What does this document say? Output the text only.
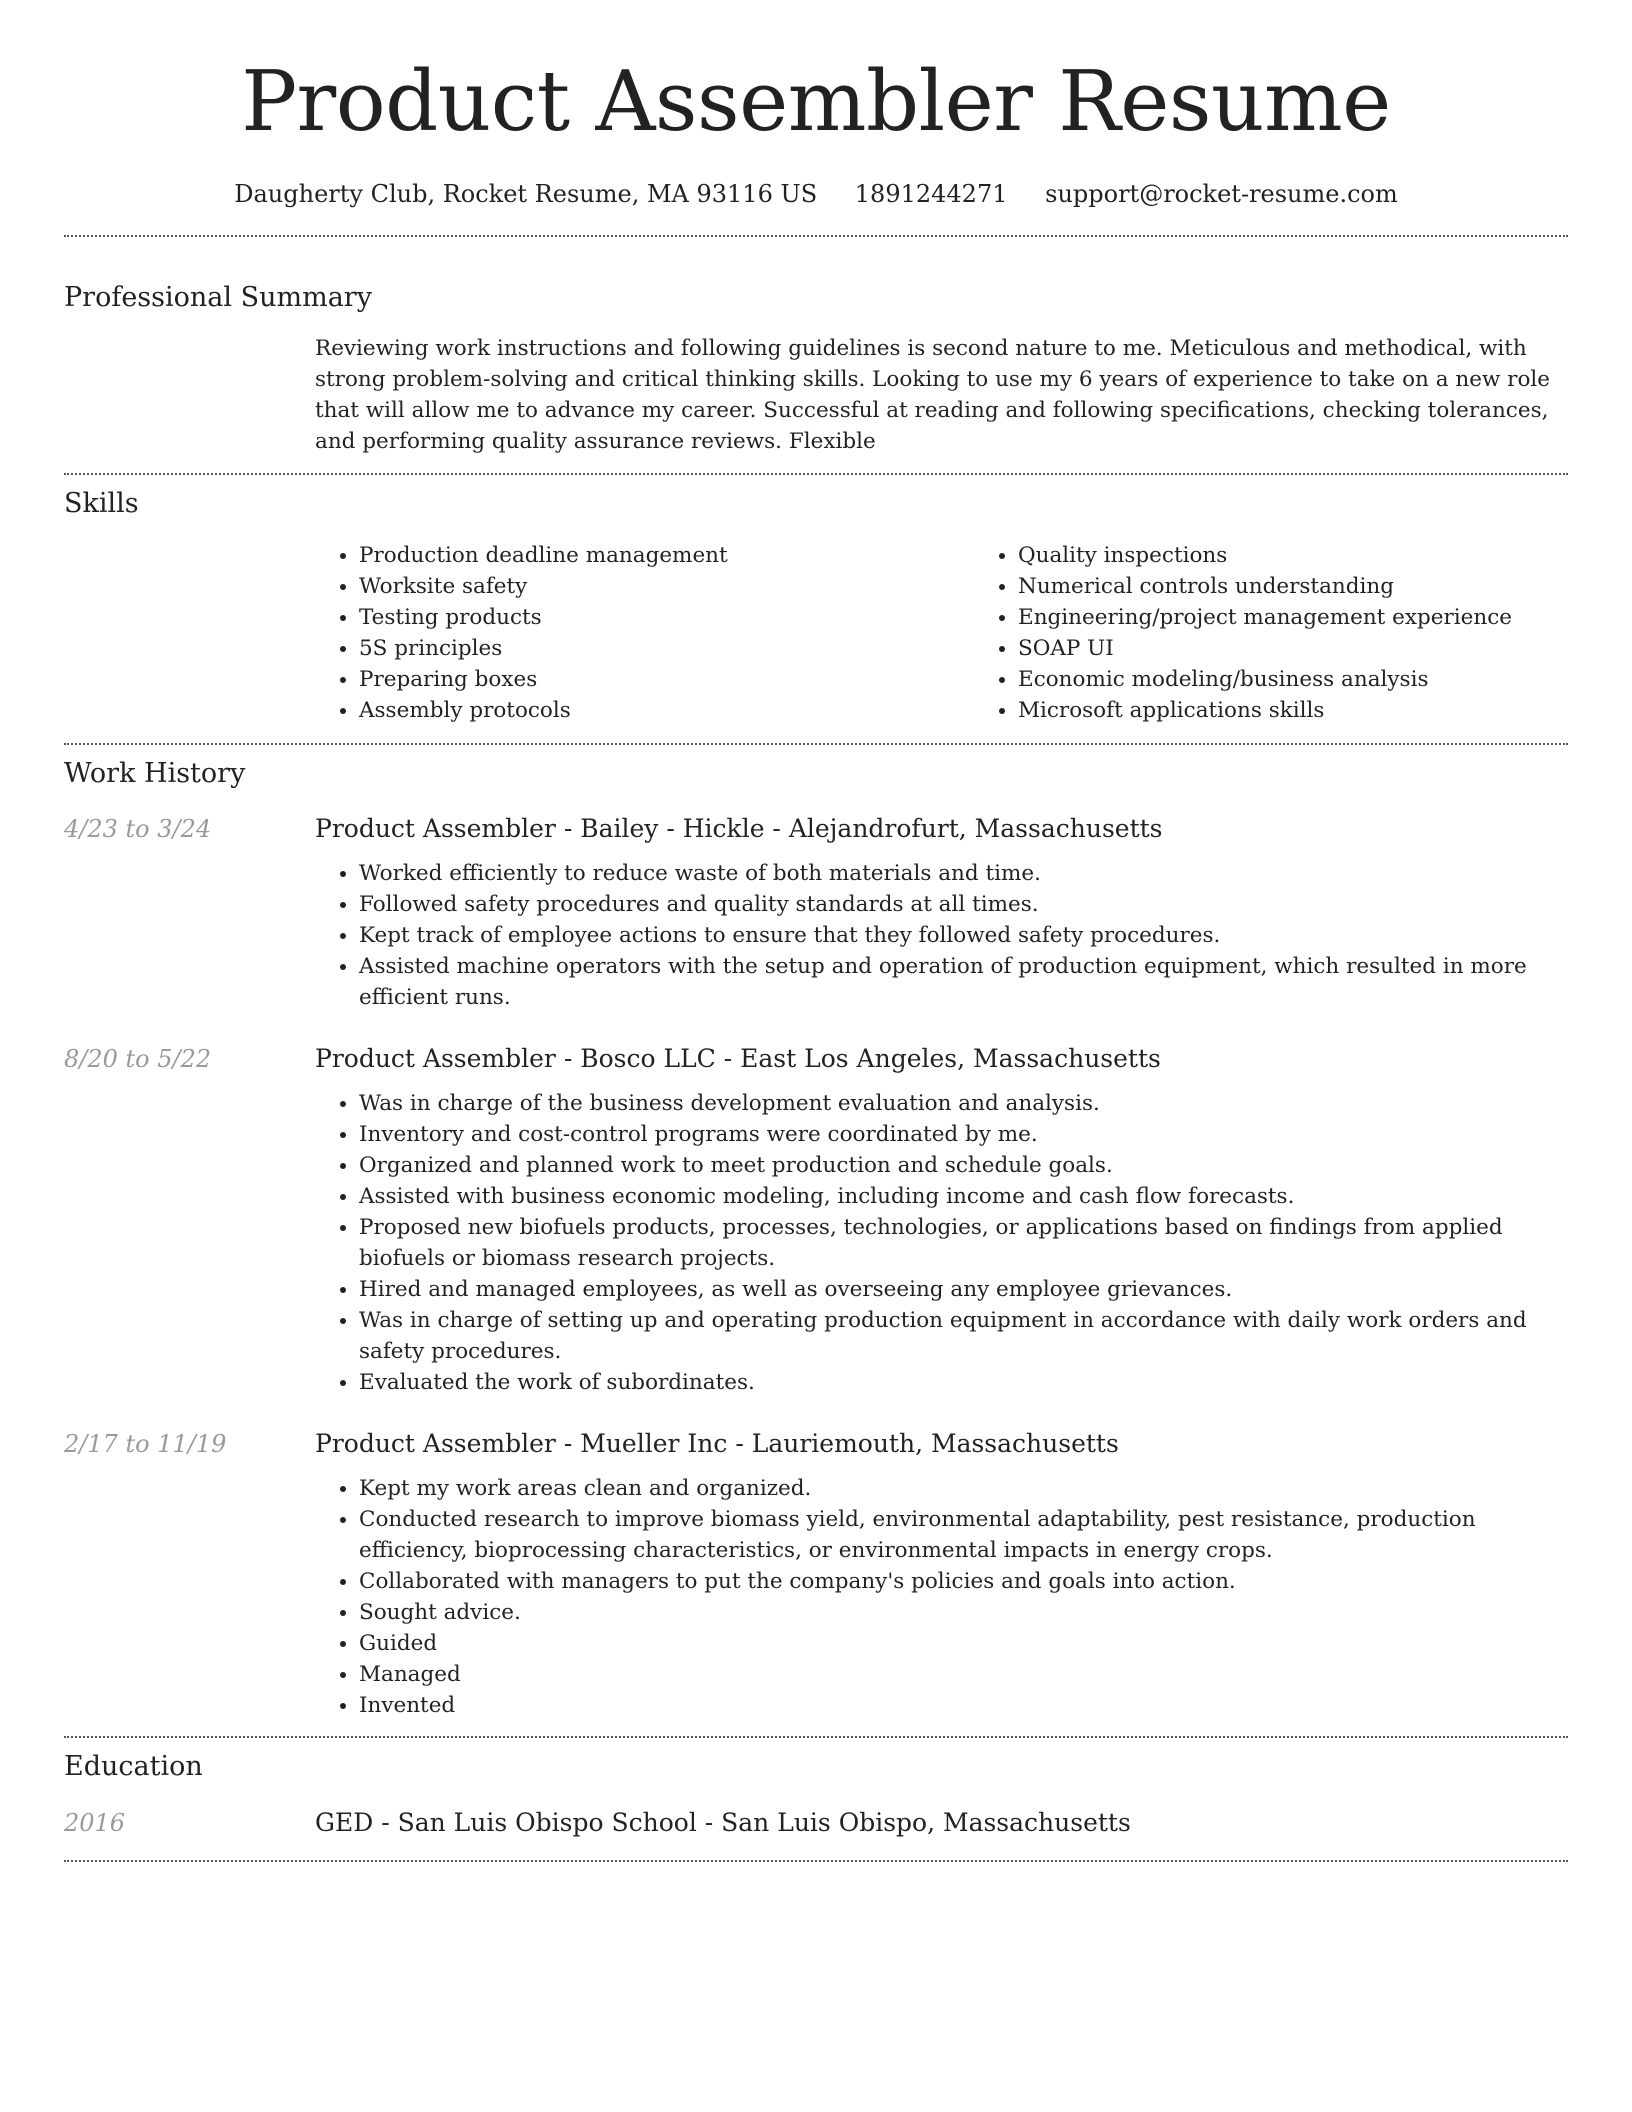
Product Assembler Resume
Daugherty Club, Rocket Resume, MA 93116 US 1891244271 support@rocket-resume.com
Professional Summary

Reviewing work instructions and following guidelines is second nature to me. Meticulous and methodical, with strong problem-solving and critical thinking skills. Looking to use my 6 years of experience to take on a new role that will allow me to advance my career. Successful at reading and following specifications, checking tolerances, and performing quality assurance reviews. Flexible

Skills
• Production deadline management
• Worksite safety
• Testing products
• 5S principles
• Preparing boxes
• Assembly protocols
• Quality inspections
• Numerical controls understanding
• Engineering/project management experience
• SOAP UI
• Economic modeling/business analysis
• Microsoft applications skills
Work History
4/23 to 3/24	Product Assembler - Bailey - Hickle - Alejandrofurt, Massachusetts
• Worked efficiently to reduce waste of both materials and time.
• Followed safety procedures and quality standards at all times.
• Kept track of employee actions to ensure that they followed safety procedures.
• Assisted machine operators with the setup and operation of production equipment, which resulted in more efficient runs.
8/20 to 5/22	Product Assembler - Bosco LLC - East Los Angeles, Massachusetts
• Was in charge of the business development evaluation and analysis.
• Inventory and cost-control programs were coordinated by me.
• Organized and planned work to meet production and schedule goals.
• Assisted with business economic modeling, including income and cash flow forecasts.
• Proposed new biofuels products, processes, technologies, or applications based on findings from applied biofuels or biomass research projects.
• Hired and managed employees, as well as overseeing any employee grievances.
• Was in charge of setting up and operating production equipment in accordance with daily work orders and safety procedures.
• Evaluated the work of subordinates.
2/17 to 11/19	Product Assembler - Mueller Inc - Lauriemouth, Massachusetts
• Kept my work areas clean and organized.
• Conducted research to improve biomass yield, environmental adaptability, pest resistance, production efficiency, bioprocessing characteristics, or environmental impacts in energy crops.
• Collaborated with managers to put the company's policies and goals into action.
• Sought advice.
• Guided
• Managed
• Invented
Education
2016	GED - San Luis Obispo School - San Luis Obispo, Massachusetts
